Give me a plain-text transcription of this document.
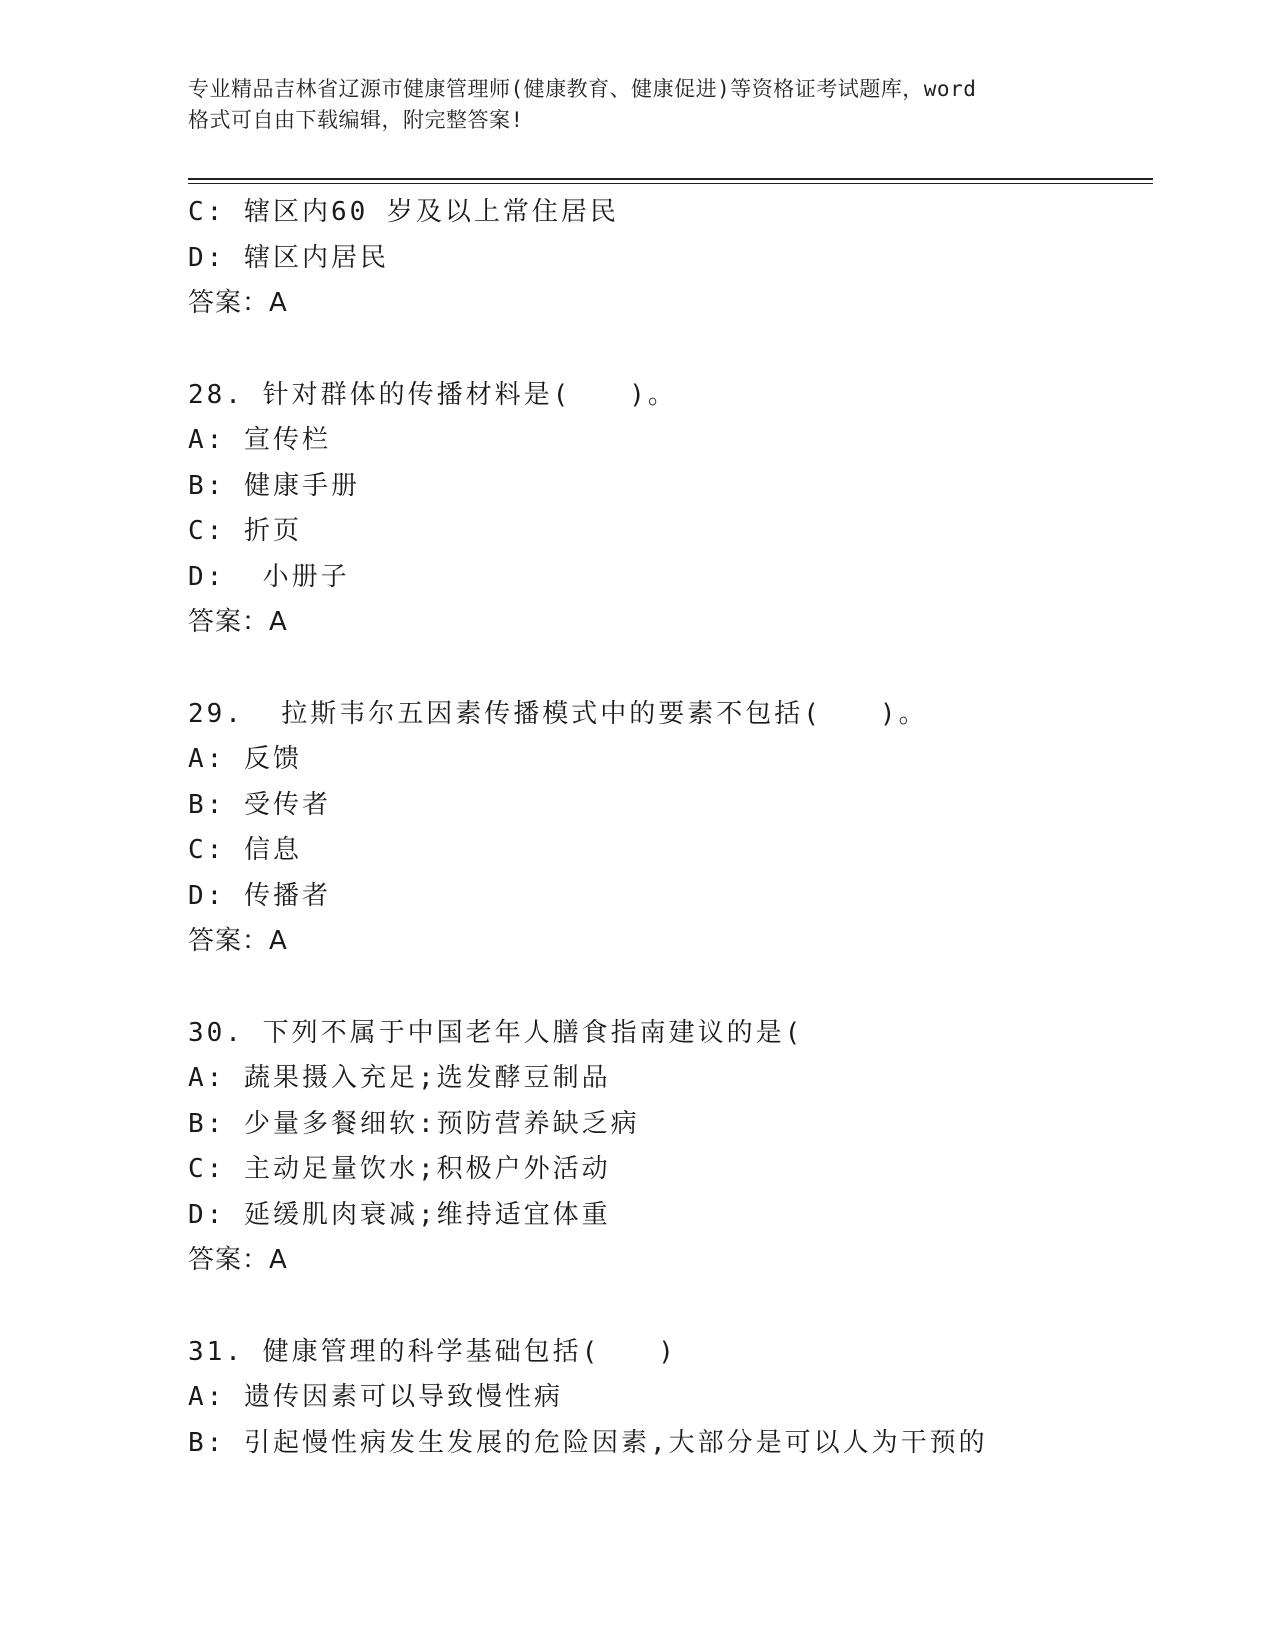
专业精品吉林省辽源市健康管理师(健康教育、健康促进)等资格证考试题库，word
格式可自由下载编辑，附完整答案!
C: 辖区内60 岁及以上常住居民
D: 辖区内居民
答案：A
28. 针对群体的传播材料是(　　)。
A: 宣传栏
B: 健康手册
C: 折页
D:  小册子
答案：A
29.  拉斯韦尔五因素传播模式中的要素不包括(　　)。
A: 反馈
B: 受传者
C: 信息
D: 传播者
答案：A
30. 下列不属于中国老年人膳食指南建议的是(
A: 蔬果摄入充足;选发酵豆制品
B: 少量多餐细软:预防营养缺乏病
C: 主动足量饮水;积极户外活动
D: 延缓肌肉衰减;维持适宜体重
答案：A
31. 健康管理的科学基础包括(　　)
A: 遗传因素可以导致慢性病
B: 引起慢性病发生发展的危险因素,大部分是可以人为干预的
